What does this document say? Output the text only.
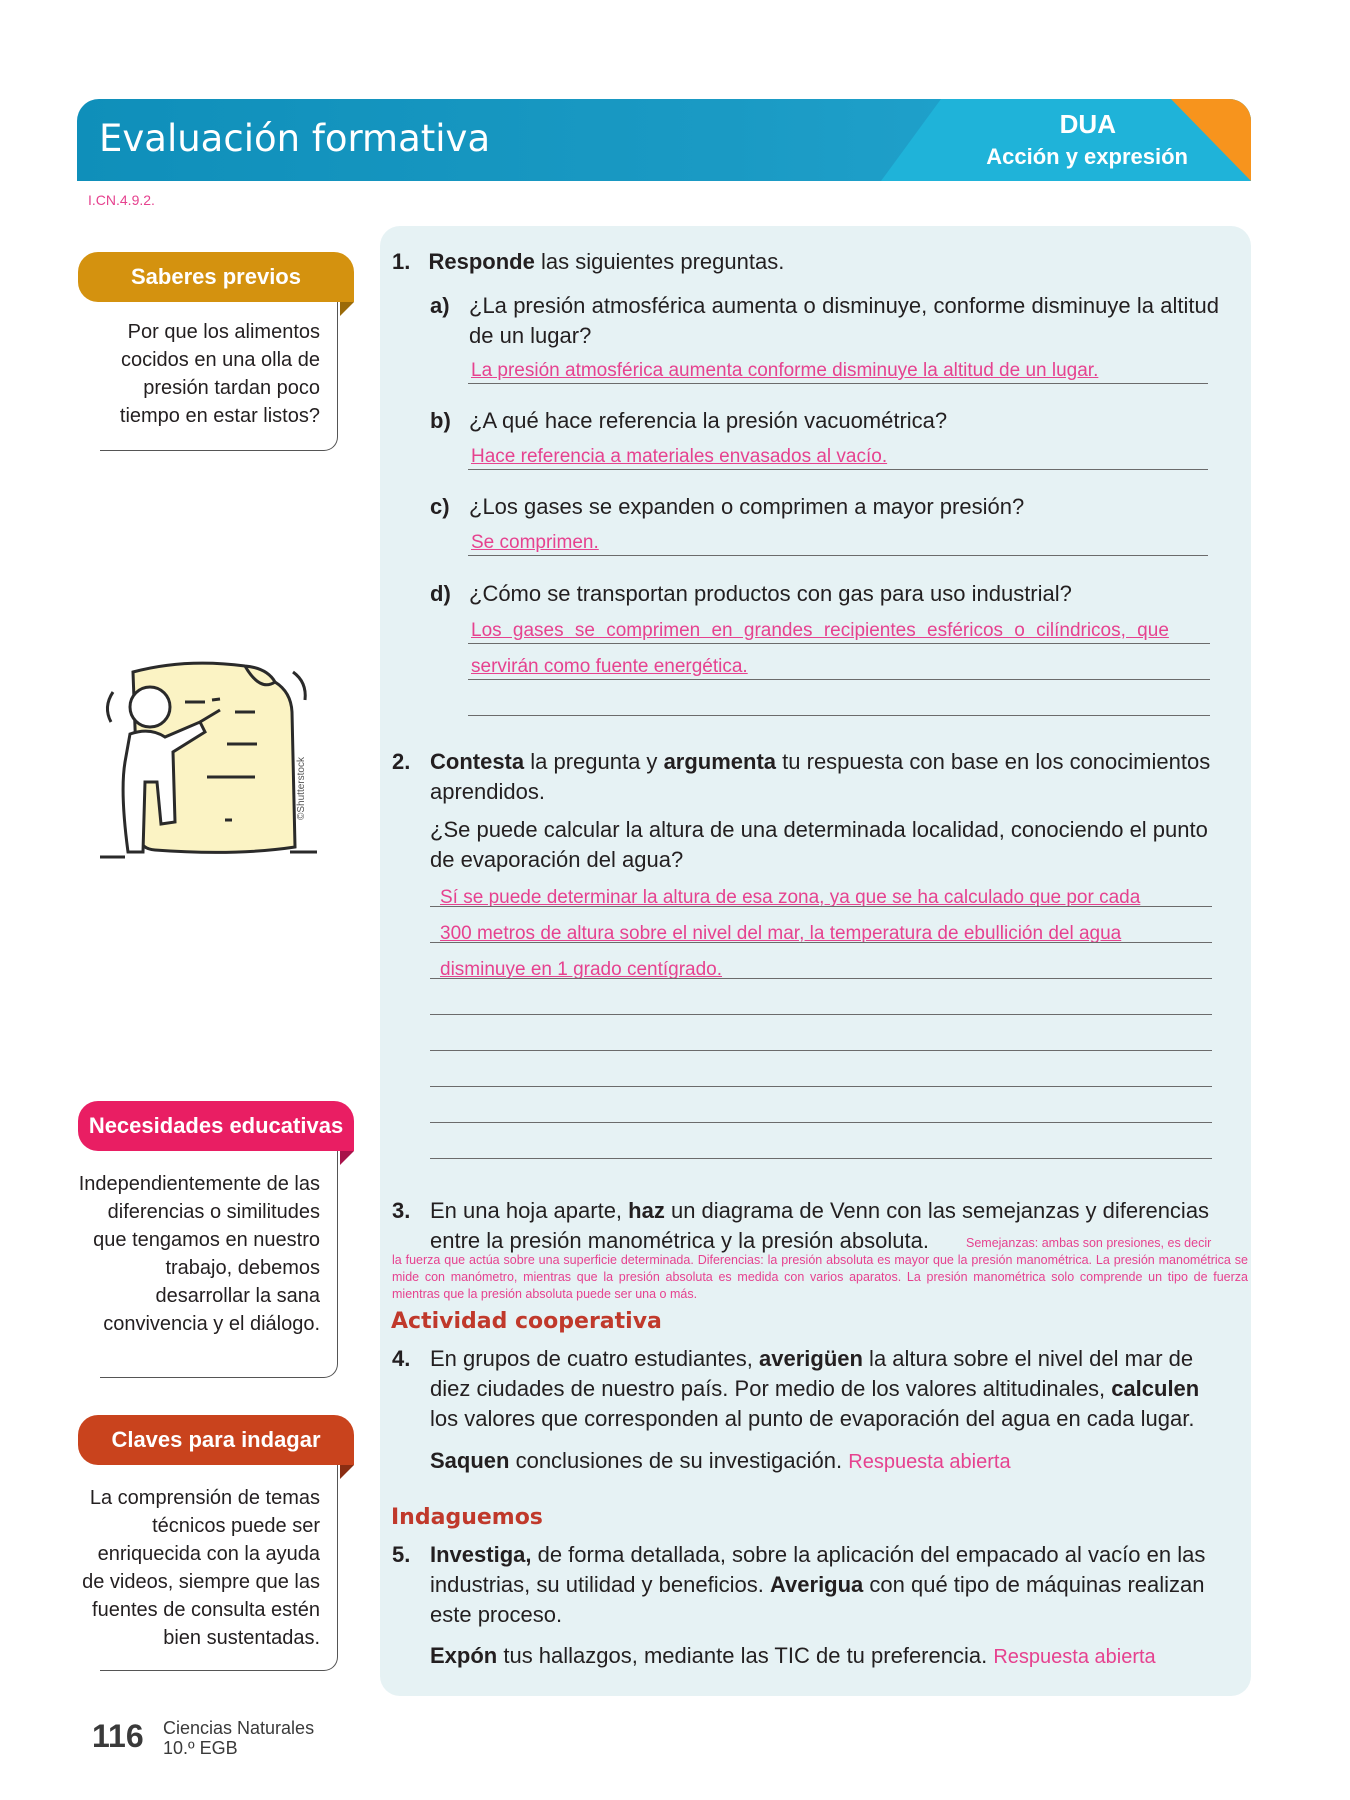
Evaluación formativa	DUA
Acción y expresión
I.CN.4.9.2.
Saberes previos
Por que los alimentos cocidos en una olla de presión tardan poco tiempo en estar listos?
©Shutterstock
Necesidades educativas
Independientemente de las diferencias o similitudes que tengamos en nuestro trabajo, debemos desarrollar la sana convivencia y el diálogo.
Claves para indagar
La comprensión de temas técnicos puede ser enriquecida con la ayuda de videos, siempre que las fuentes de consulta estén bien sustentadas.
1. Responde las siguientes preguntas.
a) ¿La presión atmosférica aumenta o disminuye, conforme disminuye la altitud de un lugar?
La presión atmosférica aumenta conforme disminuye la altitud de un lugar.
b) ¿A qué hace referencia la presión vacuométrica?
Hace referencia a materiales envasados al vacío.
c) ¿Los gases se expanden o comprimen a mayor presión?
Se comprimen.
d) ¿Cómo se transportan productos con gas para uso industrial?
Los gases se comprimen en grandes recipientes esféricos o cilíndricos, que
servirán como fuente energética.
2. Contesta la pregunta y argumenta tu respuesta con base en los conocimientos aprendidos.
¿Se puede calcular la altura de una determinada localidad, conociendo el punto de evaporación del agua?
Sí se puede determinar la altura de esa zona, ya que se ha calculado que por cada
300 metros de altura sobre el nivel del mar, la temperatura de ebullición del agua
disminuye en 1 grado centígrado.
3. En una hoja aparte, haz un diagrama de Venn con las semejanzas y diferencias entre la presión manométrica y la presión absoluta.	Semejanzas: ambas son presiones, es decir
la fuerza que actúa sobre una superficie determinada. Diferencias: la presión absoluta es mayor que la presión manométrica. La presión manométrica se mide con manómetro, mientras que la presión absoluta es medida con varios aparatos. La presión manométrica solo comprende un tipo de fuerza mientras que la presión absoluta puede ser una o más.
Actividad cooperativa
4. En grupos de cuatro estudiantes, averigüen la altura sobre el nivel del mar de diez ciudades de nuestro país. Por medio de los valores altitudinales, calculen los valores que corresponden al punto de evaporación del agua en cada lugar.
Saquen conclusiones de su investigación. Respuesta abierta
Indaguemos
5. Investiga, de forma detallada, sobre la aplicación del empacado al vacío en las industrias, su utilidad y beneficios. Averigua con qué tipo de máquinas realizan este proceso.
Expón tus hallazgos, mediante las TIC de tu preferencia. Respuesta abierta
116 Ciencias Naturales
10.º EGB
